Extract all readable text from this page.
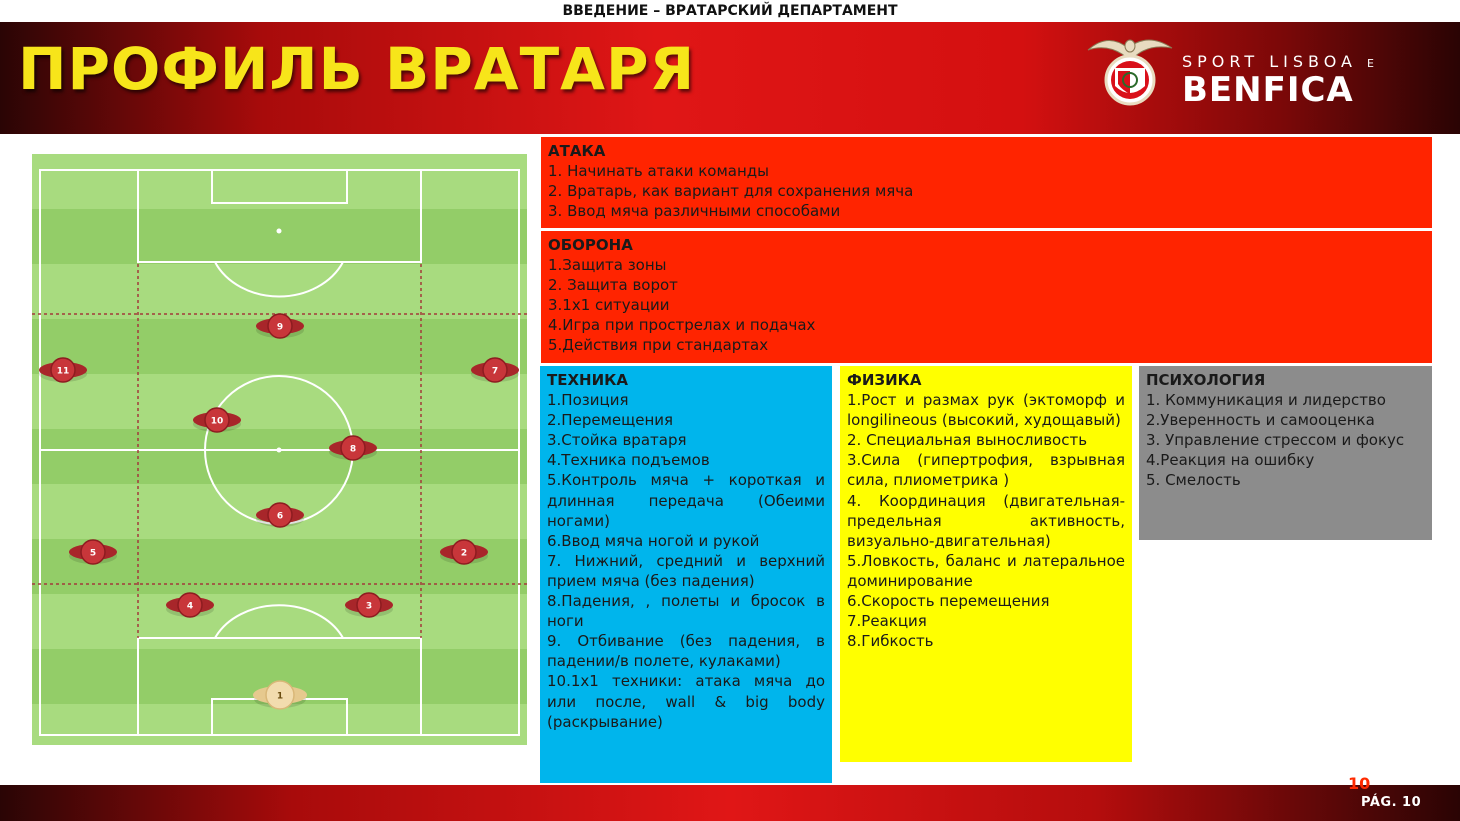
ВВЕДЕНИЕ – ВРАТАРСКИЙ ДЕПАРТАМЕНТ
ПРОФИЛЬ ВРАТАРЯ	SPORT LISBOA E
BENFICA
1
2
3
4
5
6
7
8
9
10
11
АТАКА
1. Начинать атаки команды
2. Вратарь, как вариант для сохранения мяча
3. Ввод мяча различными способами
ОБОРОНА
1.Защита зоны
2. Защита ворот
3.1х1 ситуации
4.Игра при прострелах и подачах
5.Действия при стандартах
ТЕХНИКА
1.Позиция
2.Перемещения
3.Стойка вратаря
4.Техника подъемов
5.Контроль мяча + короткая и длинная передача (Обеими ногами)
6.Ввод мяча ногой и рукой
7. Нижний, средний и верхний прием мяча (без падения)
8.Падения, , полеты и бросок в ноги
9. Отбивание (без падения, в падении/в полете, кулаками)
10.1х1 техники: атака мяча до или после, wall & big body (раскрывание)
ФИЗИКА
1.Рост и размах рук (эктоморф и longilineous (высокий, худощавый)
2. Специальная выносливость
3.Сила (гипертрофия, взрывная сила, плиометрика )
4. Координация (двигательная-предельная активность, визуально-двигательная)
5.Ловкость, баланс и латеральное доминирование
6.Скорость перемещения
7.Реакция
8.Гибкость
ПСИХОЛОГИЯ
1. Коммуникация и лидерство
2.Уверенность и самооценка
3. Управление стрессом и фокус
4.Реакция на ошибку
5. Смелость
10
PÁG. 10
